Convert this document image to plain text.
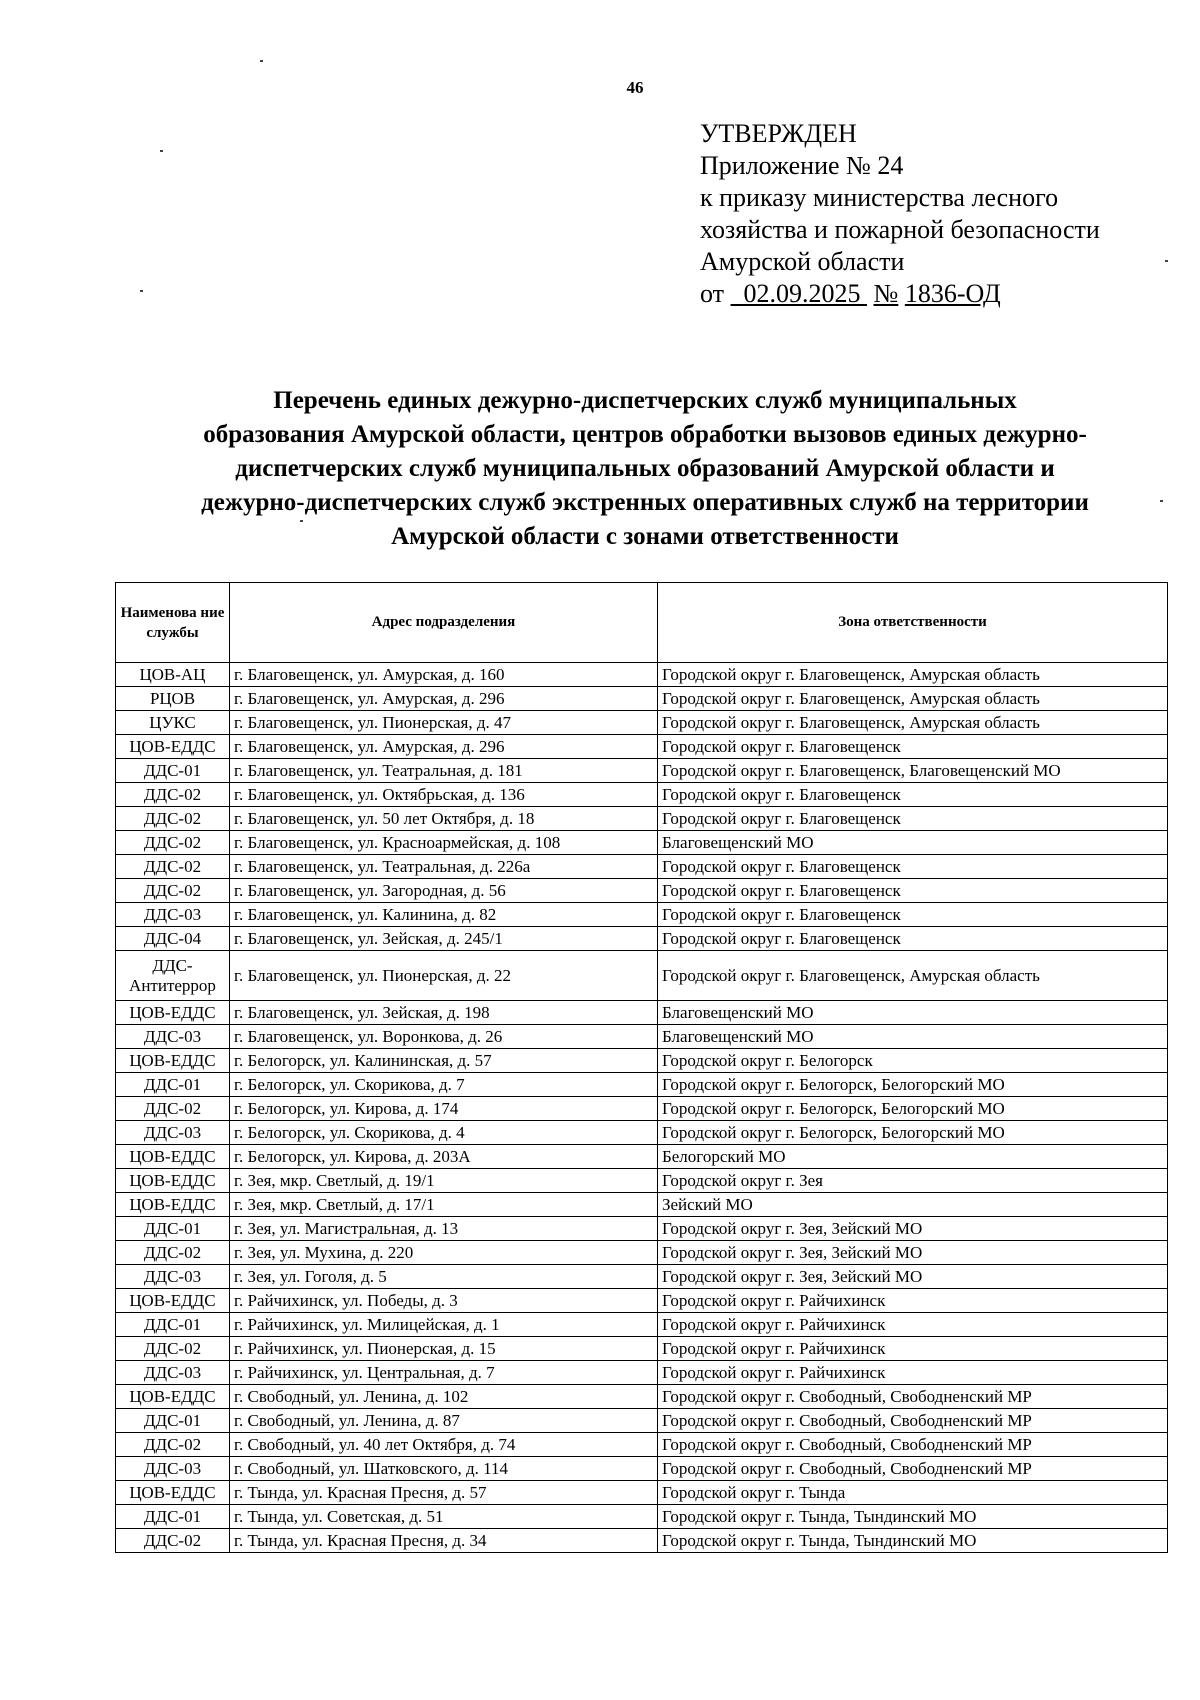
46
УТВЕРЖДЕН
Приложение № 24
к приказу министерства лесного
хозяйства и пожарной безопасности
Амурской области
от 02.09.2025 № 1836-ОД
Перечень единых дежурно-диспетчерских служб муниципальных
образования Амурской области, центров обработки вызовов единых дежурно-
диспетчерских служб муниципальных образований Амурской области и
дежурно-диспетчерских служб экстренных оперативных служб на территории
Амурской области с зонами ответственности
Наименова ние службы	Адрес подразделения	Зона ответственности
ЦОВ-АЦ	г. Благовещенск, ул. Амурская, д. 160	Городской округ г. Благовещенск, Амурская область
РЦОВ	г. Благовещенск, ул. Амурская, д. 296	Городской округ г. Благовещенск, Амурская область
ЦУКС	г. Благовещенск, ул. Пионерская, д. 47	Городской округ г. Благовещенск, Амурская область
ЦОВ-ЕДДС	г. Благовещенск, ул. Амурская, д. 296	Городской округ г. Благовещенск
ДДС-01	г. Благовещенск, ул. Театральная, д. 181	Городской округ г. Благовещенск, Благовещенский МО
ДДС-02	г. Благовещенск, ул. Октябрьская, д. 136	Городской округ г. Благовещенск
ДДС-02	г. Благовещенск, ул. 50 лет Октября, д. 18	Городской округ г. Благовещенск
ДДС-02	г. Благовещенск, ул. Красноармейская, д. 108	Благовещенский МО
ДДС-02	г. Благовещенск, ул. Театральная, д. 226а	Городской округ г. Благовещенск
ДДС-02	г. Благовещенск, ул. Загородная, д. 56	Городской округ г. Благовещенск
ДДС-03	г. Благовещенск, ул. Калинина, д. 82	Городской округ г. Благовещенск
ДДС-04	г. Благовещенск, ул. Зейская, д. 245/1	Городской округ г. Благовещенск
ДДС-Антитеррор	г. Благовещенск, ул. Пионерская, д. 22	Городской округ г. Благовещенск, Амурская область
ЦОВ-ЕДДС	г. Благовещенск, ул. Зейская, д. 198	Благовещенский МО
ДДС-03	г. Благовещенск, ул. Воронкова, д. 26	Благовещенский МО
ЦОВ-ЕДДС	г. Белогорск, ул. Калининская, д. 57	Городской округ г. Белогорск
ДДС-01	г. Белогорск, ул. Скорикова, д. 7	Городской округ г. Белогорск, Белогорский МО
ДДС-02	г. Белогорск, ул. Кирова, д. 174	Городской округ г. Белогорск, Белогорский МО
ДДС-03	г. Белогорск, ул. Скорикова, д. 4	Городской округ г. Белогорск, Белогорский МО
ЦОВ-ЕДДС	г. Белогорск, ул. Кирова, д. 203А	Белогорский МО
ЦОВ-ЕДДС	г. Зея, мкр. Светлый, д. 19/1	Городской округ г. Зея
ЦОВ-ЕДДС	г. Зея, мкр. Светлый, д. 17/1	Зейский МО
ДДС-01	г. Зея, ул. Магистральная, д. 13	Городской округ г. Зея, Зейский МО
ДДС-02	г. Зея, ул. Мухина, д. 220	Городской округ г. Зея, Зейский МО
ДДС-03	г. Зея, ул. Гоголя, д. 5	Городской округ г. Зея, Зейский МО
ЦОВ-ЕДДС	г. Райчихинск, ул. Победы, д. 3	Городской округ г. Райчихинск
ДДС-01	г. Райчихинск, ул. Милицейская, д. 1	Городской округ г. Райчихинск
ДДС-02	г. Райчихинск, ул. Пионерская, д. 15	Городской округ г. Райчихинск
ДДС-03	г. Райчихинск, ул. Центральная, д. 7	Городской округ г. Райчихинск
ЦОВ-ЕДДС	г. Свободный, ул. Ленина, д. 102	Городской округ г. Свободный, Свободненский МР
ДДС-01	г. Свободный, ул. Ленина, д. 87	Городской округ г. Свободный, Свободненский МР
ДДС-02	г. Свободный, ул. 40 лет Октября, д. 74	Городской округ г. Свободный, Свободненский МР
ДДС-03	г. Свободный, ул. Шатковского, д. 114	Городской округ г. Свободный, Свободненский МР
ЦОВ-ЕДДС	г. Тында, ул. Красная Пресня, д. 57	Городской округ г. Тында
ДДС-01	г. Тында, ул. Советская, д. 51	Городской округ г. Тында, Тындинский МО
ДДС-02	г. Тында, ул. Красная Пресня, д. 34	Городской округ г. Тында, Тындинский МО
